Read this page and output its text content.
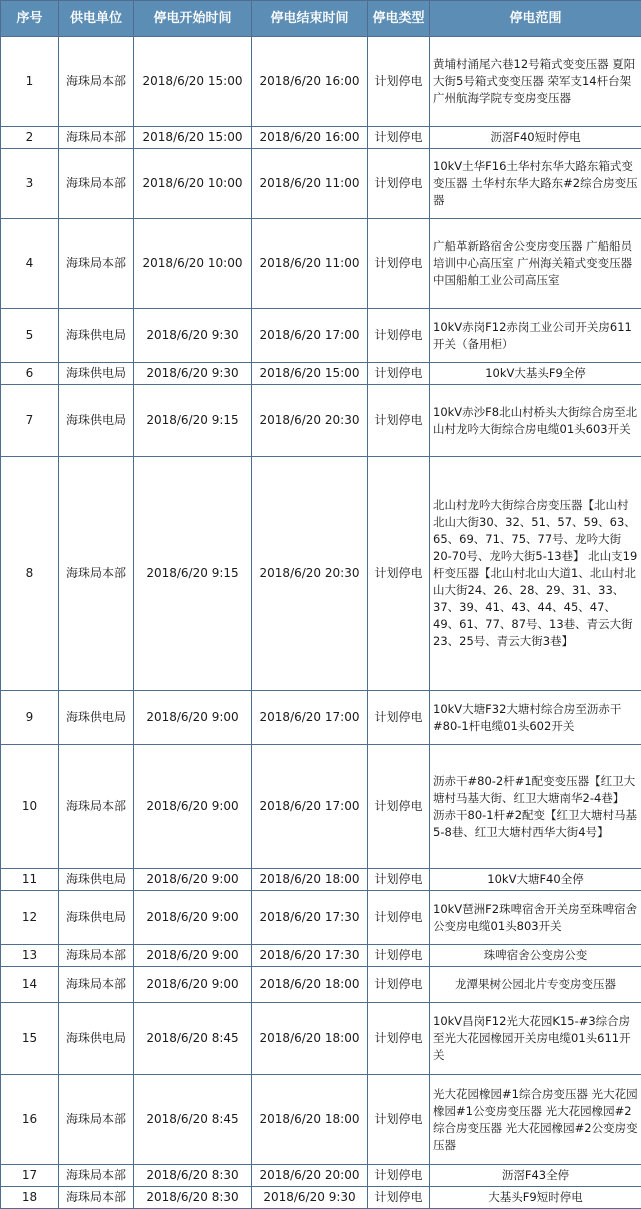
序号	供电单位	停电开始时间	停电结束时间	停电类型	停电范围
1	海珠局本部	2018/6/20 15:00	2018/6/20 16:00	计划停电	黄埔村涌尾六巷12号箱式变变压器 夏阳大街5号箱式变变压器 荣军支14杆台架 广州航海学院专变房变压器
2	海珠局本部	2018/6/20 15:00	2018/6/20 16:00	计划停电	沥滘F40短时停电
3	海珠局本部	2018/6/20 10:00	2018/6/20 11:00	计划停电	10kV土华F16土华村东华大路东箱式变变压器 土华村东华大路东#2综合房变压器
4	海珠局本部	2018/6/20 10:00	2018/6/20 11:00	计划停电	广船革新路宿舍公变房变压器 广船船员培训中心高压室 广州海关箱式变变压器 中国船舶工业公司高压室
5	海珠供电局	2018/6/20 9:30	2018/6/20 17:00	计划停电	10kV赤岗F12赤岗工业公司开关房611开关（备用柜）
6	海珠供电局	2018/6/20 9:30	2018/6/20 15:00	计划停电	10kV大基头F9全停
7	海珠供电局	2018/6/20 9:15	2018/6/20 20:30	计划停电	10kV赤沙F8北山村桥头大街综合房至北山村龙吟大街综合房电缆01头603开关
8	海珠局本部	2018/6/20 9:15	2018/6/20 20:30	计划停电	北山村龙吟大街综合房变压器【北山村北山大街30、32、51、57、59、63、65、69、71、75、77号、龙吟大街20-70号、龙吟大街5-13巷】 北山支19杆变压器【北山村北山大道1、北山村北山大街24、26、28、29、31、33、37、39、41、43、44、45、47、49、61、77、87号、13巷、青云大街23、25号、青云大街3巷】
9	海珠供电局	2018/6/20 9:00	2018/6/20 17:00	计划停电	10kV大塘F32大塘村综合房至沥赤干#80-1杆电缆01头602开关
10	海珠局本部	2018/6/20 9:00	2018/6/20 17:00	计划停电	沥赤干#80-2杆#1配变变压器【红卫大塘村马基大街、红卫大塘南华2-4巷】 沥赤干80-1杆#2配变【红卫大塘村马基5-8巷、红卫大塘村西华大街4号】
11	海珠供电局	2018/6/20 9:00	2018/6/20 18:00	计划停电	10kV大塘F40全停
12	海珠供电局	2018/6/20 9:00	2018/6/20 17:30	计划停电	10kV琶洲F2珠啤宿舍开关房至珠啤宿舍公变房电缆01头803开关
13	海珠局本部	2018/6/20 9:00	2018/6/20 17:30	计划停电	珠啤宿舍公变房公变
14	海珠局本部	2018/6/20 9:00	2018/6/20 18:00	计划停电	龙潭果树公园北片专变房变压器
15	海珠供电局	2018/6/20 8:45	2018/6/20 18:00	计划停电	10kV昌岗F12光大花园K15-#3综合房至光大花园橡园开关房电缆01头611开关
16	海珠局本部	2018/6/20 8:45	2018/6/20 18:00	计划停电	光大花园橡园#1综合房变压器 光大花园橡园#1公变房变压器 光大花园橡园#2综合房变压器 光大花园橡园#2公变房变压器
17	海珠局本部	2018/6/20 8:30	2018/6/20 20:00	计划停电	沥滘F43全停
18	海珠局本部	2018/6/20 8:30	2018/6/20 9:30	计划停电	大基头F9短时停电
